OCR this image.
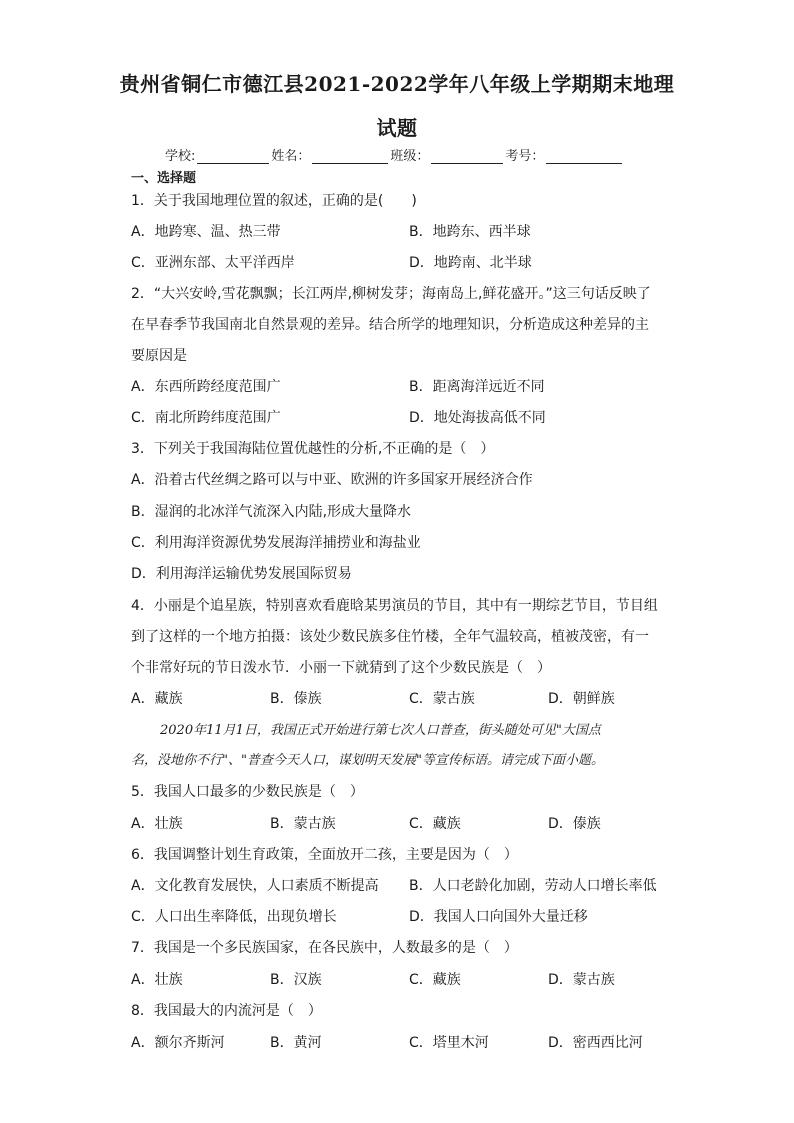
贵州省铜仁市德江县2021-2022学年八年级上学期期末地理
试题
学校:	姓名：	班级：	考号：
一、选择题
1．关于我国地理位置的叙述，正确的是(　　)
A．地跨寒、温、热三带	B．地跨东、西半球
C．亚洲东部、太平洋西岸	D．地跨南、北半球
2．“大兴安岭,雪花飘飘；长江两岸,柳树发芽；海南岛上,鲜花盛开。”这三句话反映了
在早春季节我国南北自然景观的差异。结合所学的地理知识，分析造成这种差异的主
要原因是
A．东西所跨经度范围广	B．距离海洋远近不同
C．南北所跨纬度范围广	D．地处海拔高低不同
3．下列关于我国海陆位置优越性的分析,不正确的是（　）
A．沿着古代丝绸之路可以与中亚、欧洲的许多国家开展经济合作
B．湿润的北冰洋气流深入内陆,形成大量降水
C．利用海洋资源优势发展海洋捕捞业和海盐业
D．利用海洋运输优势发展国际贸易
4．小丽是个追星族，特别喜欢看鹿晗某男演员的节目，其中有一期综艺节目，节目组
到了这样的一个地方拍摄：该处少数民族多住竹楼，全年气温较高，植被茂密，有一
个非常好玩的节日泼水节．小丽一下就猜到了这个少数民族是（　）
A．藏族	B．傣族	C．蒙古族	D．朝鲜族
2020年11月1日，我国正式开始进行第七次人口普查，街头随处可见"大国点
名，没地你不行"、"普查今天人口，谋划明天发展"等宣传标语。请完成下面小题。
5．我国人口最多的少数民族是（　）
A．壮族	B．蒙古族	C．藏族	D．傣族
6．我国调整计划生育政策，全面放开二孩，主要是因为（　）
A．文化教育发展快，人口素质不断提高 B．人口老龄化加剧，劳动人口增长率低
C．人口出生率降低，出现负增长	D．我国人口向国外大量迁移
7．我国是一个多民族国家，在各民族中，人数最多的是（　）
A．壮族	B．汉族	C．藏族	D．蒙古族
8．我国最大的内流河是（　）
A．额尔齐斯河	B．黄河	C．塔里木河	D．密西西比河
